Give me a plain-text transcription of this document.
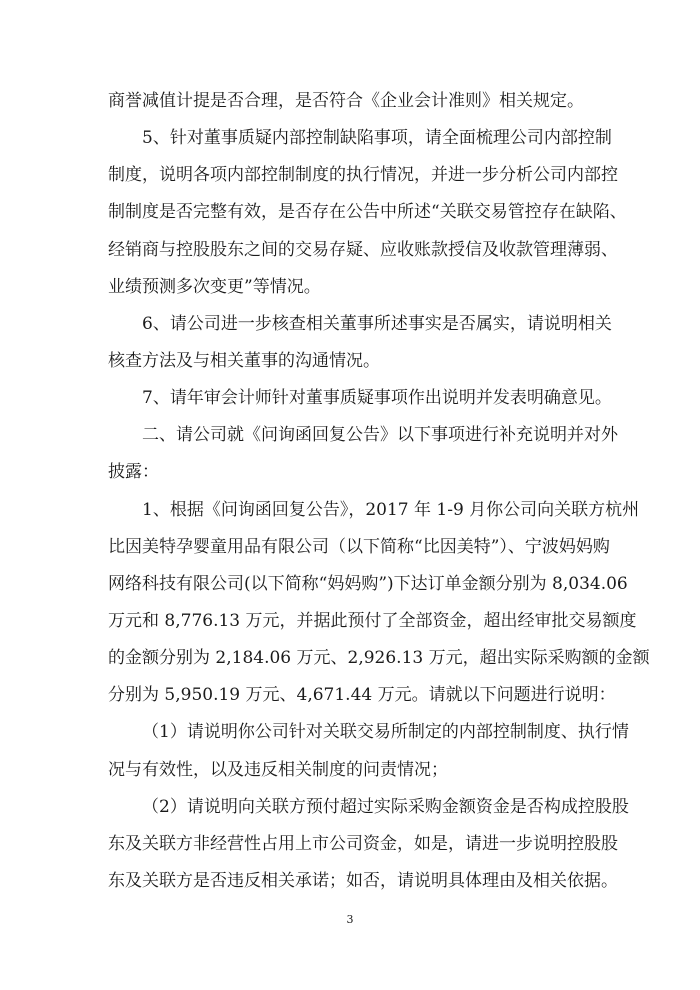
商誉减值计提是否合理，是否符合《企业会计准则》相关规定。
5、针对董事质疑内部控制缺陷事项，请全面梳理公司内部控制
制度，说明各项内部控制制度的执行情况，并进一步分析公司内部控
制制度是否完整有效，是否存在公告中所述“关联交易管控存在缺陷、
经销商与控股股东之间的交易存疑、应收账款授信及收款管理薄弱、
业绩预测多次变更”等情况。
6、请公司进一步核查相关董事所述事实是否属实，请说明相关
核查方法及与相关董事的沟通情况。
7、请年审会计师针对董事质疑事项作出说明并发表明确意见。
二、请公司就《问询函回复公告》以下事项进行补充说明并对外
披露：
1、根据《问询函回复公告》，2017 年 1-9 月你公司向关联方杭州
比因美特孕婴童用品有限公司（以下简称“比因美特”）、宁波妈妈购
网络科技有限公司(以下简称“妈妈购”)下达订单金额分别为 8,034.06
万元和 8,776.13 万元，并据此预付了全部资金，超出经审批交易额度
的金额分别为 2,184.06 万元、2,926.13 万元，超出实际采购额的金额
分别为 5,950.19 万元、4,671.44 万元。请就以下问题进行说明：
（1）请说明你公司针对关联交易所制定的内部控制制度、执行情
况与有效性，以及违反相关制度的问责情况；
（2）请说明向关联方预付超过实际采购金额资金是否构成控股股
东及关联方非经营性占用上市公司资金，如是，请进一步说明控股股
东及关联方是否违反相关承诺；如否，请说明具体理由及相关依据。
3
